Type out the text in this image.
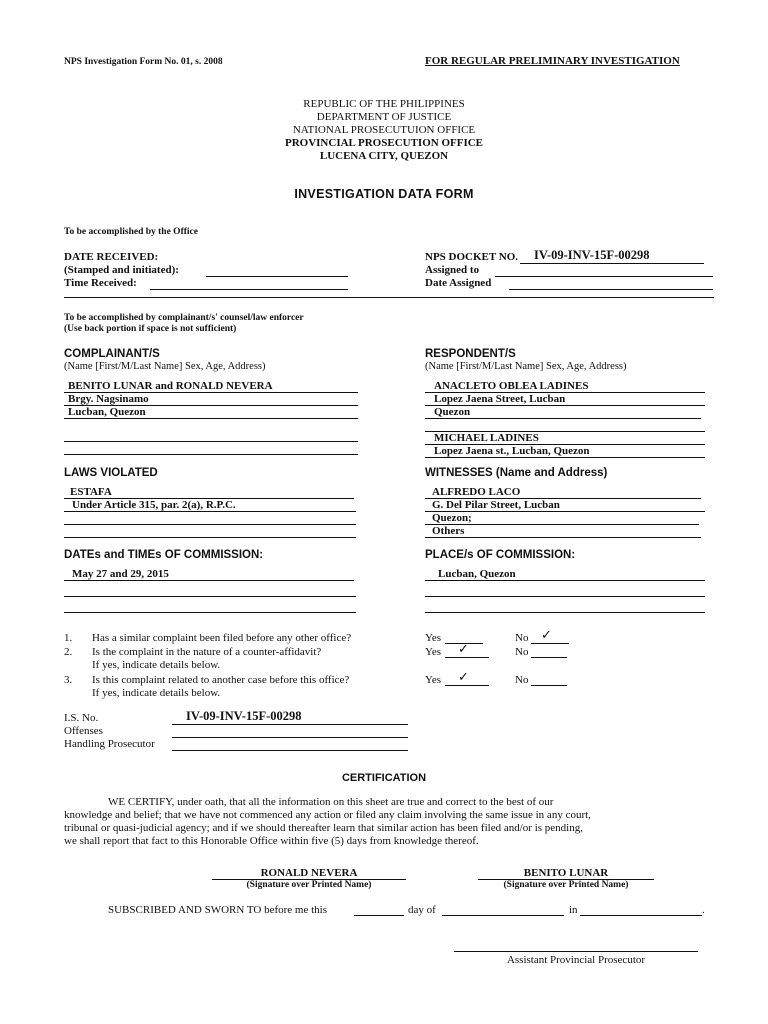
NPS Investigation Form No. 01, s. 2008	FOR REGULAR PRELIMINARY INVESTIGATION
REPUBLIC OF THE PHILIPPINES
DEPARTMENT OF JUSTICE
NATIONAL PROSECUTUION OFFICE
PROVINCIAL PROSECUTION OFFICE
LUCENA CITY, QUEZON
INVESTIGATION DATA FORM
To be accomplished by the Office
DATE RECEIVED:
(Stamped and initiated):
Time Received:
NPS DOCKET NO. IV-09-INV-15F-00298
Assigned to
Date Assigned
To be accomplished by complainant/s' counsel/law enforcer
(Use back portion if space is not sufficient)
COMPLAINANT/S
(Name [First/M/Last Name] Sex, Age, Address)
BENITO LUNAR and RONALD NEVERA
Brgy. Nagsinamo
Lucban, Quezon
RESPONDENT/S
(Name [First/M/Last Name] Sex, Age, Address)
ANACLETO OBLEA LADINES
Lopez Jaena Street, Lucban
Quezon
MICHAEL LADINES
Lopez Jaena st., Lucban, Quezon
LAWS VIOLATED
ESTAFA
Under Article 315, par. 2(a), R.P.C.
WITNESSES (Name and Address)
ALFREDO LACO
G. Del Pilar Street, Lucban
Quezon;
Others
DATEs and TIMEs OF COMMISSION:
May 27 and 29, 2015
PLACE/s OF COMMISSION:
Lucban, Quezon
1. Has a similar complaint been filed before any other office?	Yes	No ✓
2. Is the complaint in the nature of a counter-affidavit?
If yes, indicate details below.
Yes ✓	No
3. Is this complaint related to another case before this office?
If yes, indicate details below.
Yes ✓	No
I.S. No.	IV-09-INV-15F-00298
Offenses
Handling Prosecutor
CERTIFICATION
WE CERTIFY, under oath, that all the information on this sheet are true and correct to the best of our
knowledge and belief; that we have not commenced any action or filed any claim involving the same issue in any court,
tribunal or quasi-judicial agency; and if we should thereafter learn that similar action has been filed and/or is pending,
we shall report that fact to this Honorable Office within five (5) days from knowledge thereof.
RONALD NEVERA
(Signature over Printed Name)
BENITO LUNAR
(Signature over Printed Name)
SUBSCRIBED AND SWORN TO before me this	day of	in	.
Assistant Provincial Prosecutor
